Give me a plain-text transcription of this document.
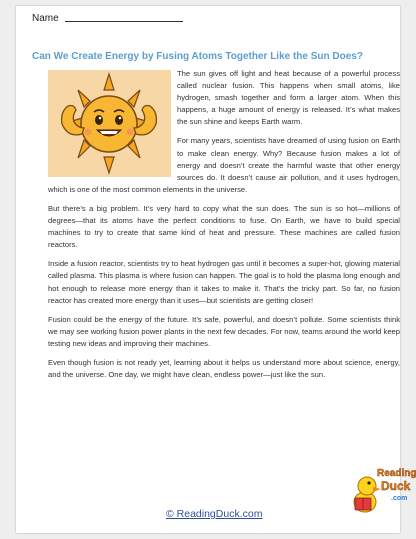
Name
Can We Create Energy by Fusing Atoms Together Like the Sun Does?

The sun gives off light and heat because of a powerful process called nuclear fusion. This happens when small atoms, like hydrogen, smash together and form a larger atom. When this happens, a huge amount of energy is released. It’s what makes the sun shine and keeps Earth warm.

For many years, scientists have dreamed of using fusion on Earth to make clean energy. Why? Because fusion makes a lot of energy and doesn’t create the harmful waste that other energy sources do. It doesn’t cause air pollution, and it uses hydrogen, which is one of the most common elements in the universe.

But there’s a big problem. It’s very hard to copy what the sun does. The sun is so hot—millions of degrees—that its atoms have the perfect conditions to fuse. On Earth, we have to build special machines to try to create that same kind of heat and pressure. These machines are called fusion reactors.

Inside a fusion reactor, scientists try to heat hydrogen gas until it becomes a super-hot, glowing material called plasma. This plasma is where fusion can happen. The goal is to hold the plasma long enough and hot enough to release more energy than it takes to make it. That’s the tricky part. So far, no fusion reactor has created more energy than it uses—but scientists are getting closer!

Fusion could be the energy of the future. It’s safe, powerful, and doesn’t pollute. Some scientists think we may see working fusion power plants in the next few decades. For now, teams around the world keep testing new ideas and improving their machines.

Even though fusion is not ready yet, learning about it helps us understand more about science, energy, and the universe. One day, we might have clean, endless power—just like the sun.

© ReadingDuck.com
Reading
Duck
.com
